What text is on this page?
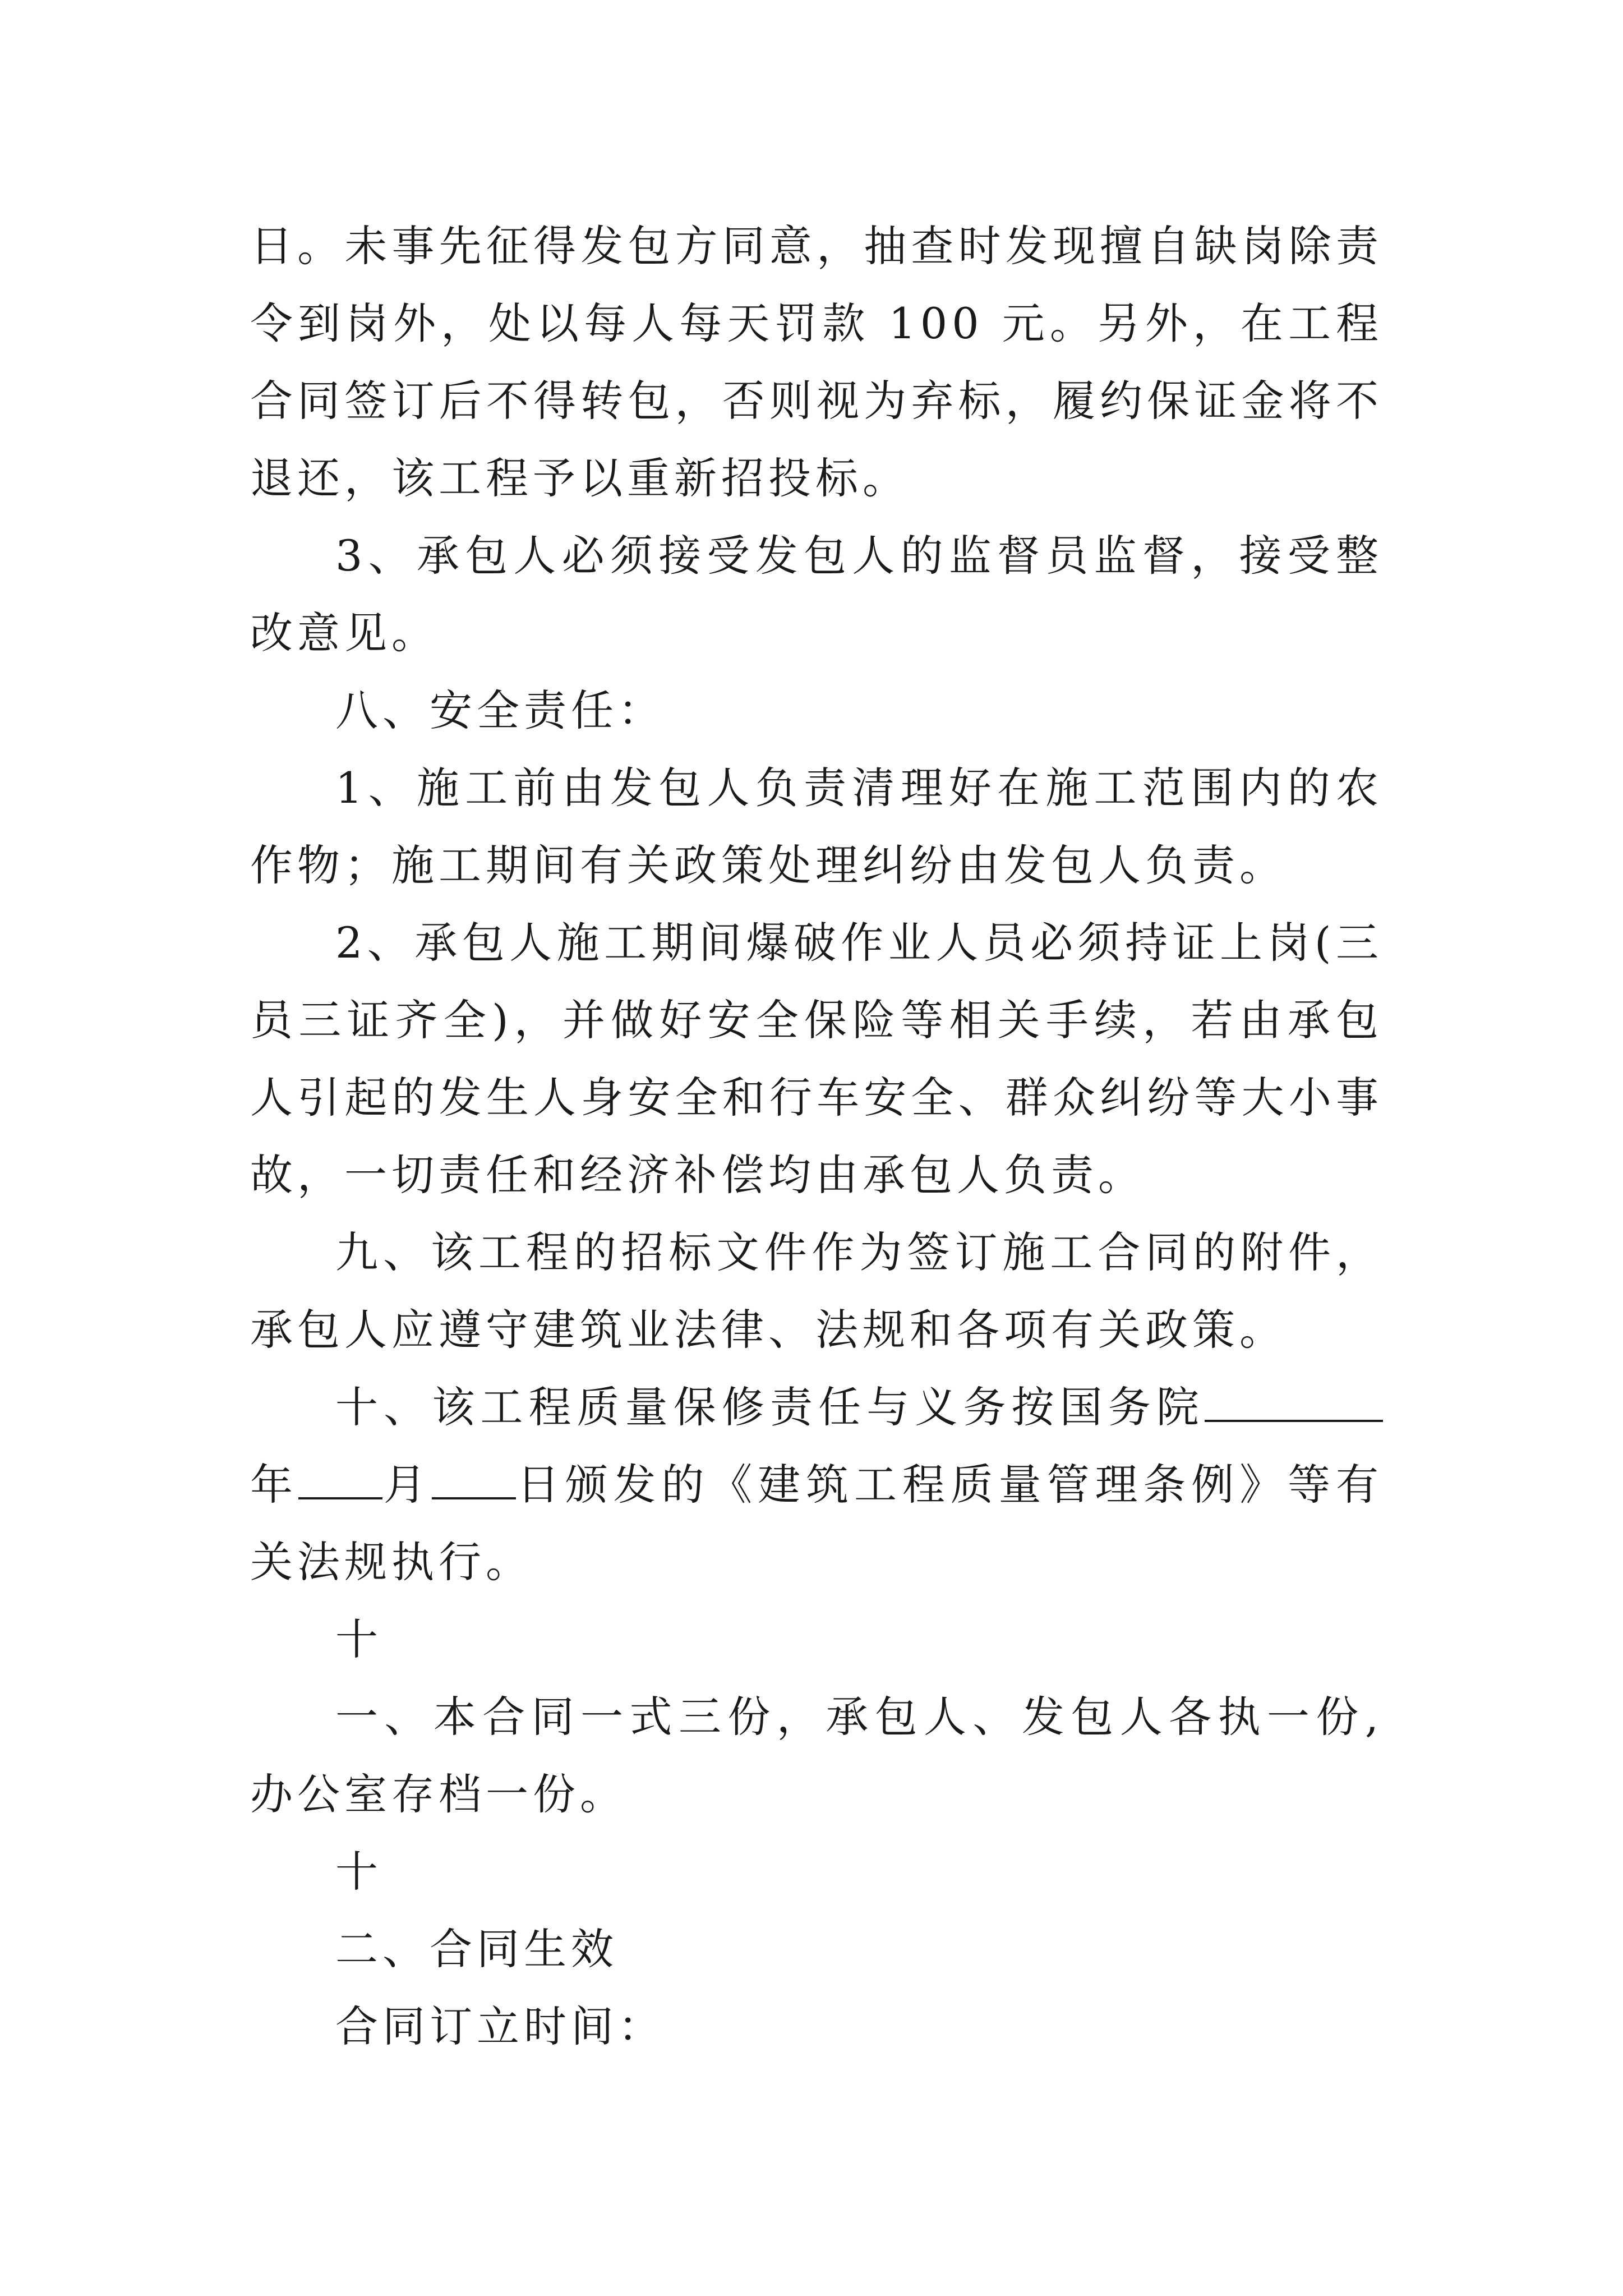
日。未事先征得发包方同意，抽查时发现擅自缺岗除责令到岗外，处以每人每天罚款 100 元。另外，在工程合同签订后不得转包，否则视为弃标，履约保证金将不退还，该工程予以重新招投标。

3、承包人必须接受发包人的监督员监督，接受整改意见。

八、安全责任：

1、施工前由发包人负责清理好在施工范围内的农作物；施工期间有关政策处理纠纷由发包人负责。

2、承包人施工期间爆破作业人员必须持证上岗(三员三证齐全)，并做好安全保险等相关手续，若由承包人引起的发生人身安全和行车安全、群众纠纷等大小事故，一切责任和经济补偿均由承包人负责。

九、该工程的招标文件作为签订施工合同的附件，承包人应遵守建筑业法律、法规和各项有关政策。

十、该工程质量保修责任与义务按国务院年 月 日颁发的《建筑工程质量管理条例》等有关法规执行。

十

一、本合同一式三份，承包人、发包人各执一份,办公室存档一份。

十

二、合同生效

合同订立时间：
